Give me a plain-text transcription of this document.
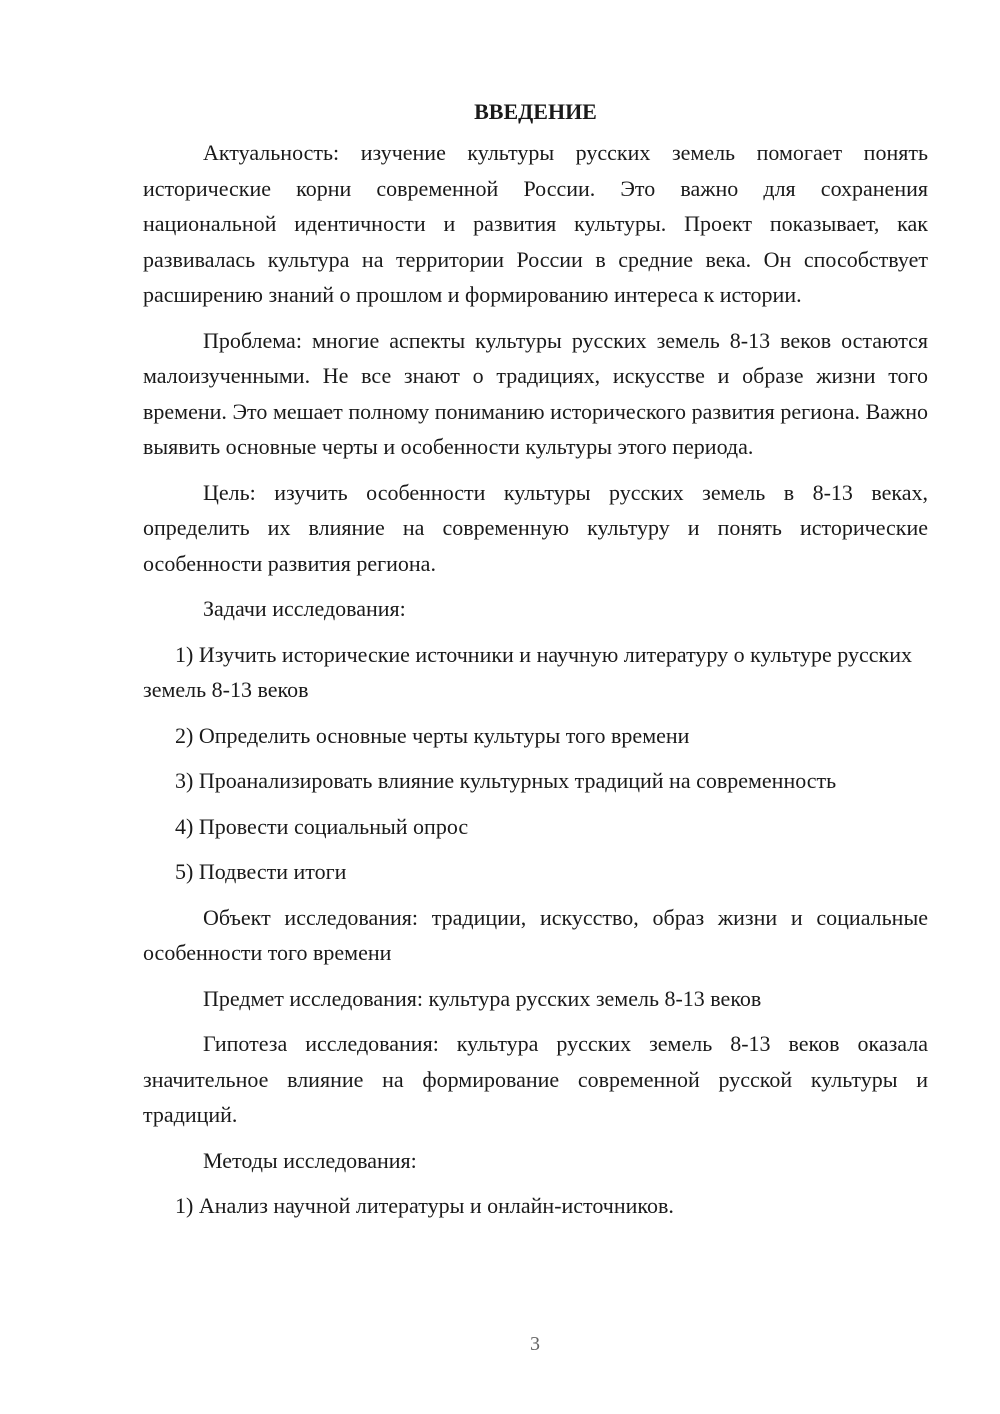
ВВЕДЕНИЕ

Актуальность: изучение культуры русских земель помогает понять исторические корни современной России. Это важно для сохранения национальной идентичности и развития культуры. Проект показывает, как развивалась культура на территории России в средние века. Он способствует расширению знаний о прошлом и формированию интереса к истории.

Проблема: многие аспекты культуры русских земель 8-13 веков остаются малоизученными. Не все знают о традициях, искусстве и образе жизни того времени. Это мешает полному пониманию исторического развития региона. Важно выявить основные черты и особенности культуры этого периода.

Цель: изучить особенности культуры русских земель в 8-13 веках, определить их влияние на современную культуру и понять исторические особенности развития региона.

Задачи исследования:

1) Изучить исторические источники и научную литературу о культуре русских земель 8-13 веков

2) Определить основные черты культуры того времени

3) Проанализировать влияние культурных традиций на современность

4) Провести социальный опрос

5) Подвести итоги

Объект исследования: традиции, искусство, образ жизни и социальные особенности того времени

Предмет исследования: культура русских земель 8-13 веков

Гипотеза исследования: культура русских земель 8-13 веков оказала значительное влияние на формирование современной русской культуры и традиций.

Методы исследования:

1) Анализ научной литературы и онлайн-источников.

3
